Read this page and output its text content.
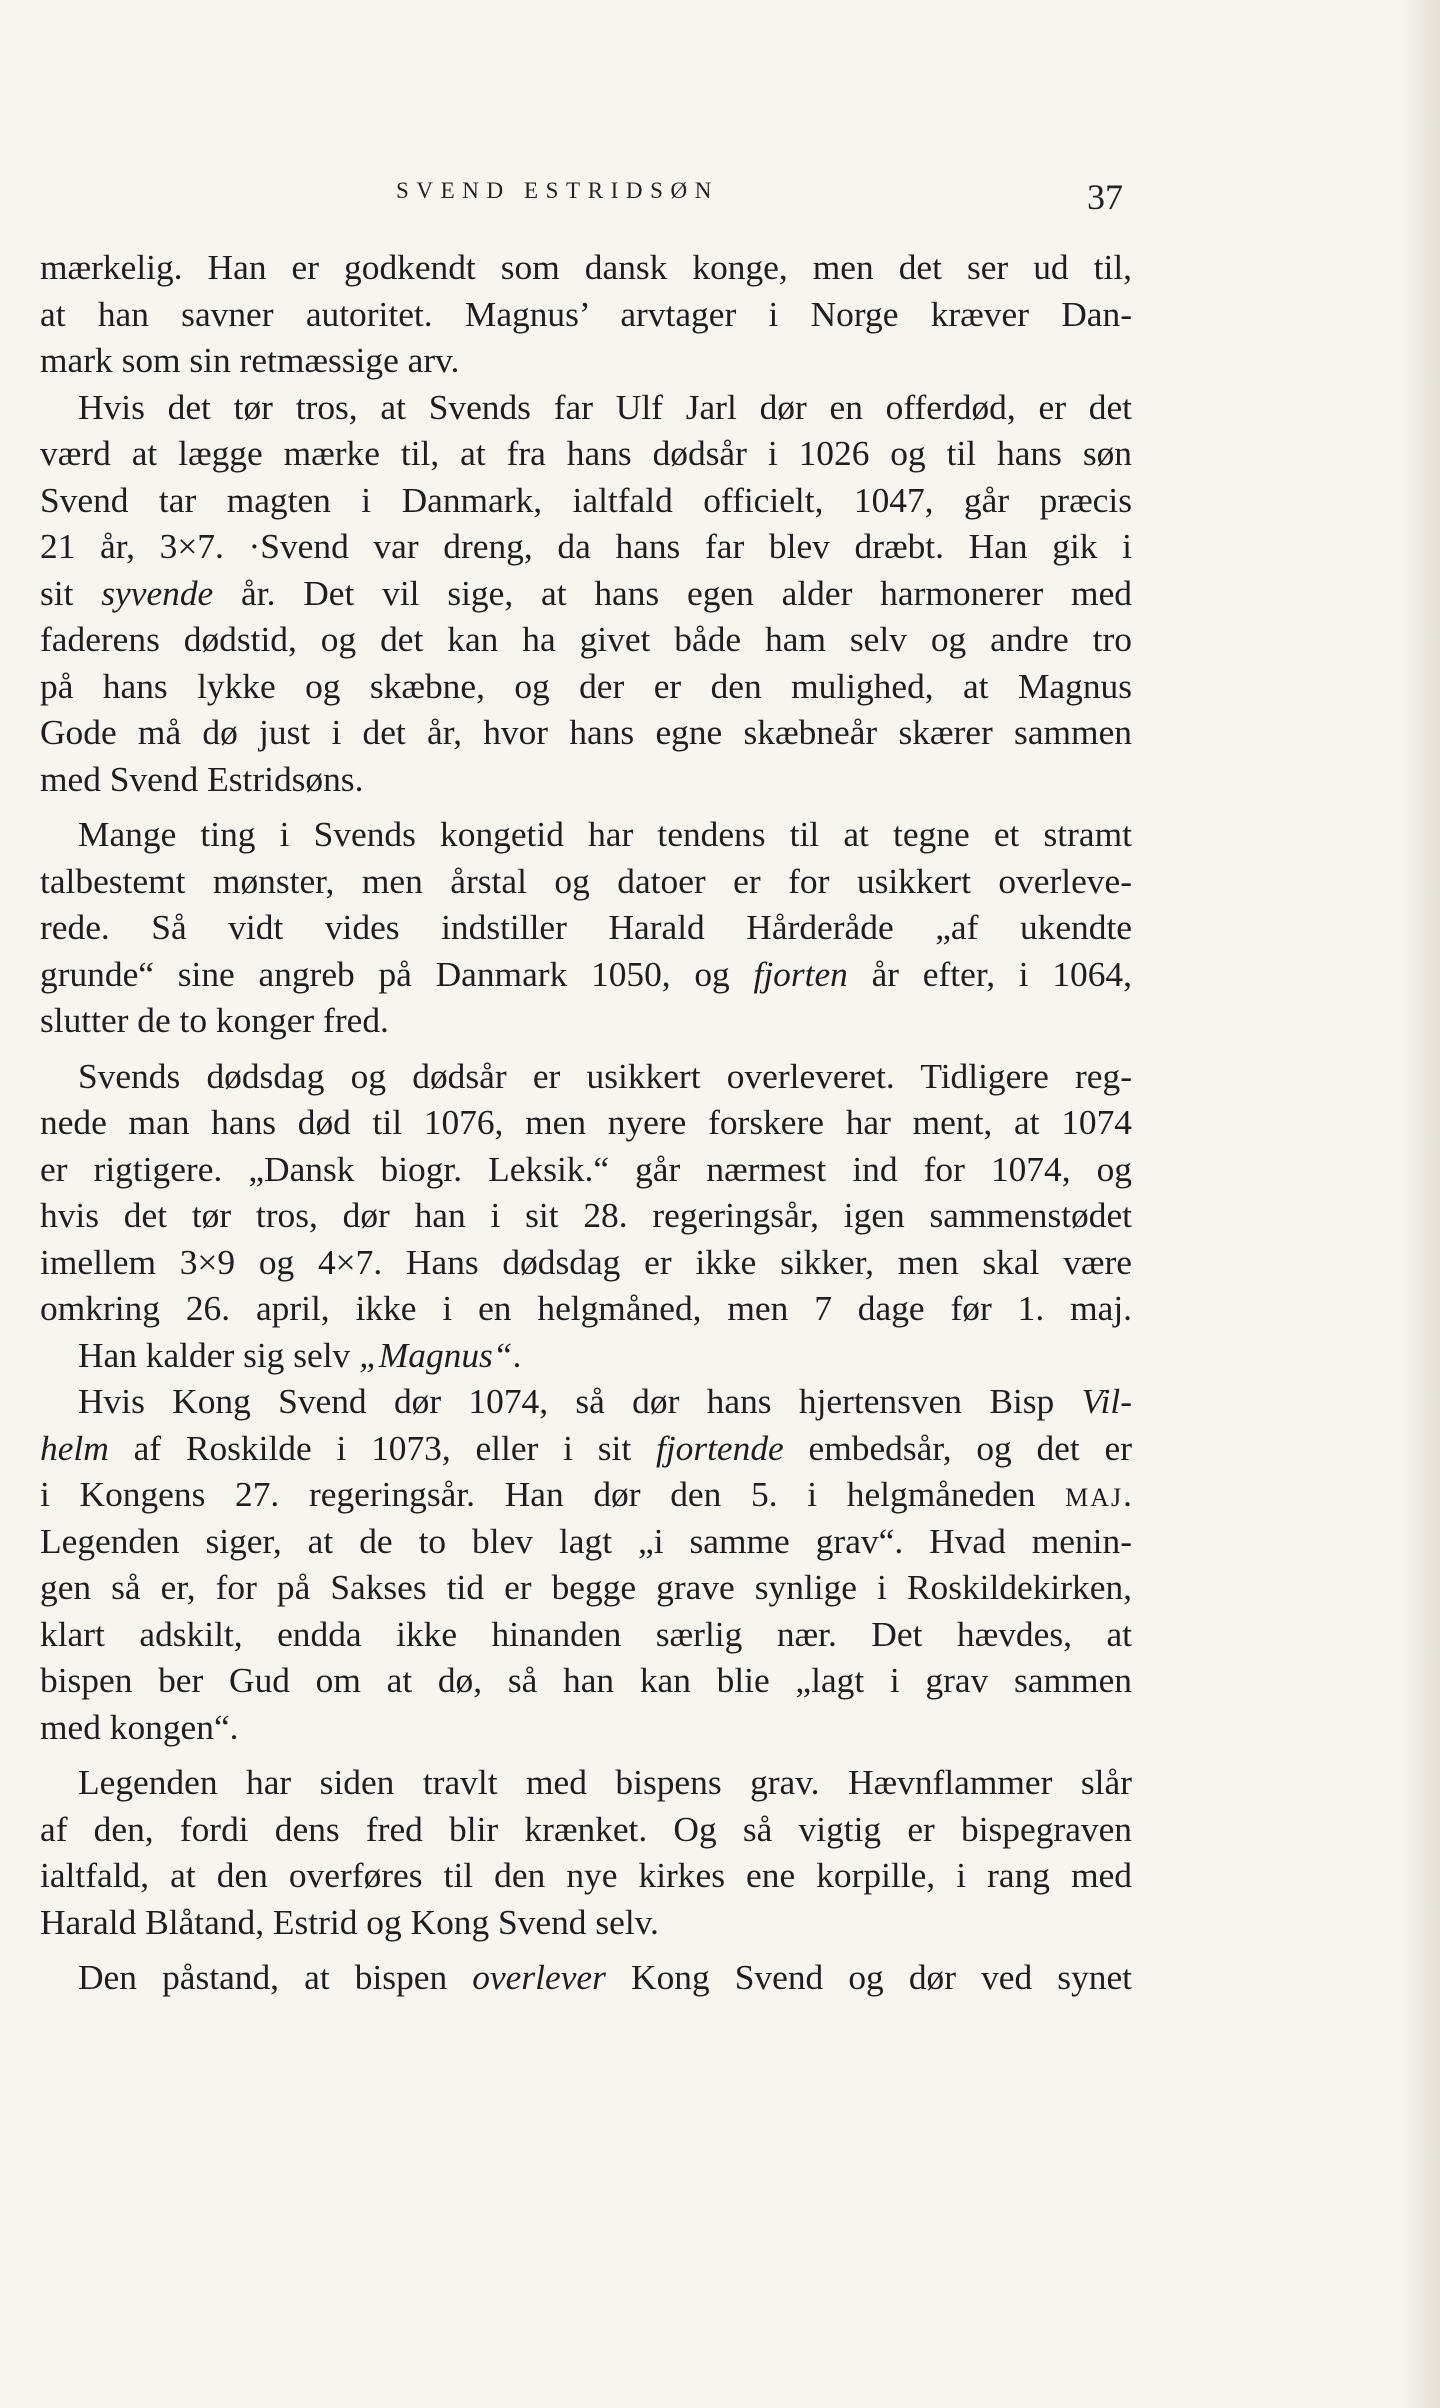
SVEND ESTRIDSØN	37
mærkelig. Han er godkendt som dansk konge, men det ser ud til,
at han savner autoritet. Magnus’ arvtager i Norge kræver Dan-
mark som sin retmæssige arv.
Hvis det tør tros, at Svends far Ulf Jarl dør en offerdød, er det
værd at lægge mærke til, at fra hans dødsår i 1026 og til hans søn
Svend tar magten i Danmark, ialtfald officielt, 1047, går præcis
21 år, 3×7. ·Svend var dreng, da hans far blev dræbt. Han gik i
sit syvende år. Det vil sige, at hans egen alder harmonerer med
faderens dødstid, og det kan ha givet både ham selv og andre tro
på hans lykke og skæbne, og der er den mulighed, at Magnus
Gode må dø just i det år, hvor hans egne skæbneår skærer sammen
med Svend Estridsøns.
Mange ting i Svends kongetid har tendens til at tegne et stramt
talbestemt mønster, men årstal og datoer er for usikkert overleve-
rede. Så vidt vides indstiller Harald Hårderåde „af ukendte
grunde“ sine angreb på Danmark 1050, og fjorten år efter, i 1064,
slutter de to konger fred.
Svends dødsdag og dødsår er usikkert overleveret. Tidligere reg-
nede man hans død til 1076, men nyere forskere har ment, at 1074
er rigtigere. „Dansk biogr. Leksik.“ går nærmest ind for 1074, og
hvis det tør tros, dør han i sit 28. regeringsår, igen sammenstødet
imellem 3×9 og 4×7. Hans dødsdag er ikke sikker, men skal være
omkring 26. april, ikke i en helgmåned, men 7 dage før 1. maj.
Han kalder sig selv „Magnus“.
Hvis Kong Svend dør 1074, så dør hans hjertensven Bisp Vil-
helm af Roskilde i 1073, eller i sit fjortende embedsår, og det er
i Kongens 27. regeringsår. Han dør den 5. i helgmåneden MAJ.
Legenden siger, at de to blev lagt „i samme grav“. Hvad menin-
gen så er, for på Sakses tid er begge grave synlige i Roskildekirken,
klart adskilt, endda ikke hinanden særlig nær. Det hævdes, at
bispen ber Gud om at dø, så han kan blie „lagt i grav sammen
med kongen“.
Legenden har siden travlt med bispens grav. Hævnflammer slår
af den, fordi dens fred blir krænket. Og så vigtig er bispegraven
ialtfald, at den overføres til den nye kirkes ene korpille, i rang med
Harald Blåtand, Estrid og Kong Svend selv.
Den påstand, at bispen overlever Kong Svend og dør ved synet
